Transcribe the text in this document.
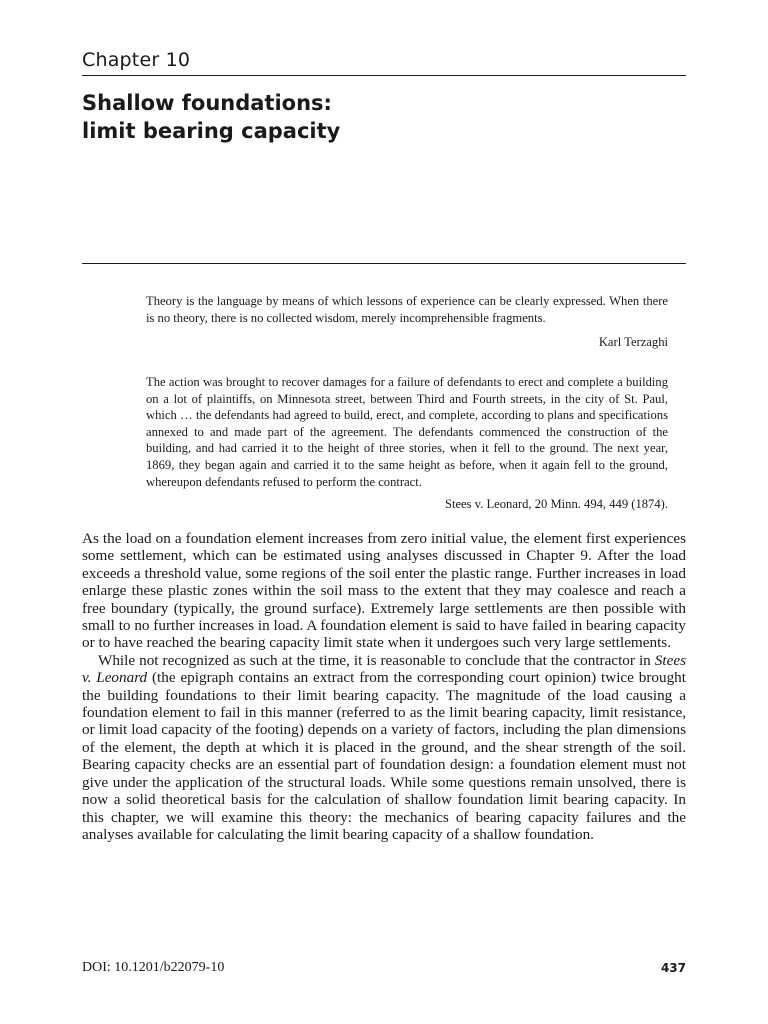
Chapter 10
Shallow foundations:
limit bearing capacity
Theory is the language by means of which lessons of experience can be clearly expressed. When there is no theory, there is no collected wisdom, merely incomprehensible fragments.
Karl Terzaghi
The action was brought to recover damages for a failure of defendants to erect and complete a building on a lot of plaintiffs, on Minnesota street, between Third and Fourth streets, in the city of St. Paul, which … the defendants had agreed to build, erect, and complete, according to plans and specifications annexed to and made part of the agreement. The defendants commenced the construction of the building, and had carried it to the height of three stories, when it fell to the ground. The next year, 1869, they began again and carried it to the same height as before, when it again fell to the ground, whereupon defendants refused to perform the contract.
Stees v. Leonard, 20 Minn. 494, 449 (1874).

As the load on a foundation element increases from zero initial value, the element first experiences some settlement, which can be estimated using analyses discussed in Chapter 9. After the load exceeds a threshold value, some regions of the soil enter the plastic range. Further increases in load enlarge these plastic zones within the soil mass to the extent that they may coalesce and reach a free boundary (typically, the ground surface). Extremely large settlements are then possible with small to no further increases in load. A foundation element is said to have failed in bearing capacity or to have reached the bearing capacity limit state when it undergoes such very large settlements.

While not recognized as such at the time, it is reasonable to conclude that the contractor in Stees v. Leonard (the epigraph contains an extract from the corresponding court opinion) twice brought the building foundations to their limit bearing capacity. The magnitude of the load causing a foundation element to fail in this manner (referred to as the limit bearing capacity, limit resistance, or limit load capacity of the footing) depends on a variety of factors, including the plan dimensions of the element, the depth at which it is placed in the ground, and the shear strength of the soil. Bearing capacity checks are an essential part of foundation design: a foundation element must not give under the application of the structural loads. While some questions remain unsolved, there is now a solid theoretical basis for the calculation of shallow foundation limit bearing capacity. In this chapter, we will examine this theory: the mechanics of bearing capacity failures and the analyses available for calculating the limit bearing capacity of a shallow foundation.

DOI: 10.1201/b22079-10	437
